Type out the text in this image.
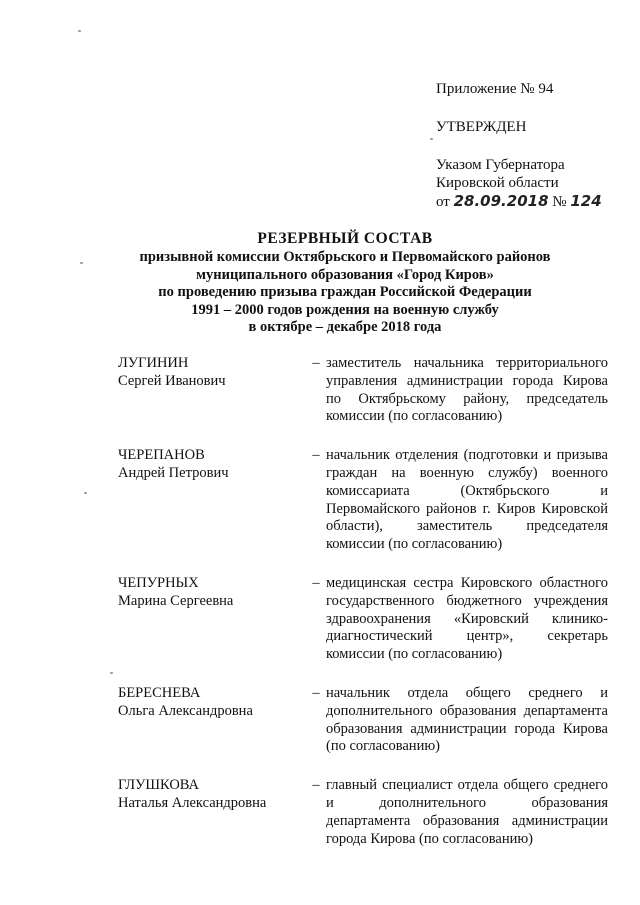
Приложение № 94
УТВЕРЖДЕН
Указом Губернатора
Кировской области
от 28.09.2018 № 124
РЕЗЕРВНЫЙ СОСТАВ
призывной комиссии Октябрьского и Первомайского районов
муниципального образования «Город Киров»
по проведению призыва граждан Российской Федерации
1991 – 2000 годов рождения на военную службу
в октябре – декабре 2018 года
ЛУГИНИН
Сергей Иванович
– заместитель начальника территориального управления администрации города Кирова по Октябрьскому району, председатель комиссии (по согласованию)
ЧЕРЕПАНОВ
Андрей Петрович
– начальник отделения (подготовки и призыва граждан на военную службу) военного комиссариата (Октябрьского и Первомайского районов г. Киров Кировской области), заместитель председателя комиссии (по согласованию)
ЧЕПУРНЫХ
Марина Сергеевна
– медицинская сестра Кировского областного государственного бюджетного учреждения здравоохранения «Кировский клинико-диагностический центр», секретарь комиссии (по согласованию)
БЕРЕСНЕВА
Ольга Александровна
– начальник отдела общего среднего и дополнительного образования департамента образования администрации города Кирова (по согласованию)
ГЛУШКОВА
Наталья Александровна
– главный специалист отдела общего среднего и дополнительного образования департамента образования администрации города Кирова (по согласованию)
